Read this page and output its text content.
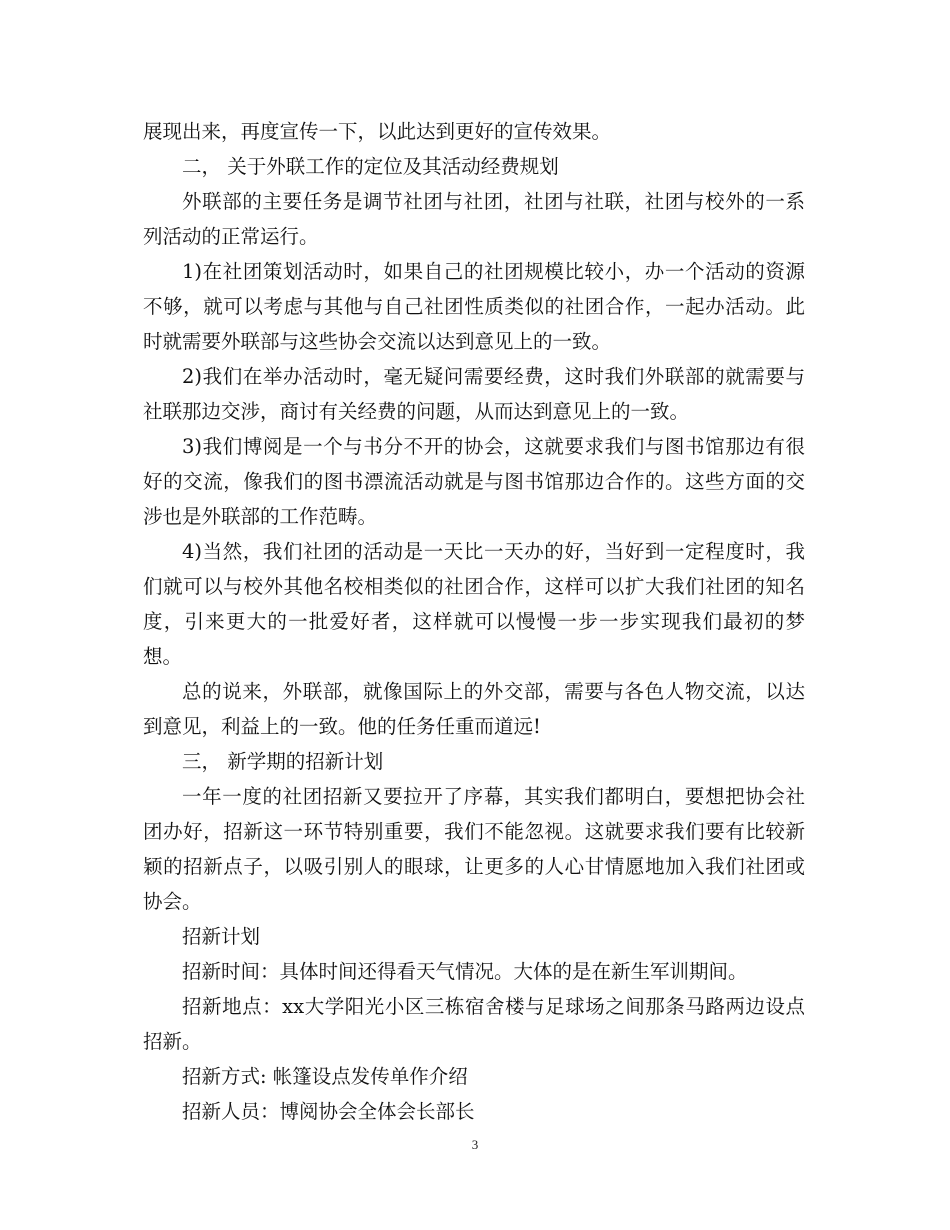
展现出来，再度宣传一下，以此达到更好的宣传效果。

二， 关于外联工作的定位及其活动经费规划

外联部的主要任务是调节社团与社团，社团与社联，社团与校外的一系列活动的正常运行。

1)在社团策划活动时，如果自己的社团规模比较小，办一个活动的资源不够，就可以考虑与其他与自己社团性质类似的社团合作，一起办活动。此时就需要外联部与这些协会交流以达到意见上的一致。

2)我们在举办活动时，毫无疑问需要经费，这时我们外联部的就需要与社联那边交涉，商讨有关经费的问题，从而达到意见上的一致。

3)我们博阅是一个与书分不开的协会，这就要求我们与图书馆那边有很好的交流，像我们的图书漂流活动就是与图书馆那边合作的。这些方面的交涉也是外联部的工作范畴。

4)当然，我们社团的活动是一天比一天办的好，当好到一定程度时，我们就可以与校外其他名校相类似的社团合作，这样可以扩大我们社团的知名度，引来更大的一批爱好者，这样就可以慢慢一步一步实现我们最初的梦想。

总的说来，外联部，就像国际上的外交部，需要与各色人物交流，以达到意见，利益上的一致。他的任务任重而道远!

三， 新学期的招新计划

一年一度的社团招新又要拉开了序幕，其实我们都明白，要想把协会社团办好，招新这一环节特别重要，我们不能忽视。这就要求我们要有比较新颖的招新点子，以吸引别人的眼球，让更多的人心甘情愿地加入我们社团或协会。

招新计划

招新时间：具体时间还得看天气情况。大体的是在新生军训期间。

招新地点：xx大学阳光小区三栋宿舍楼与足球场之间那条马路两边设点招新。

招新方式: 帐篷设点发传单作介绍

招新人员：博阅协会全体会长部长

3
